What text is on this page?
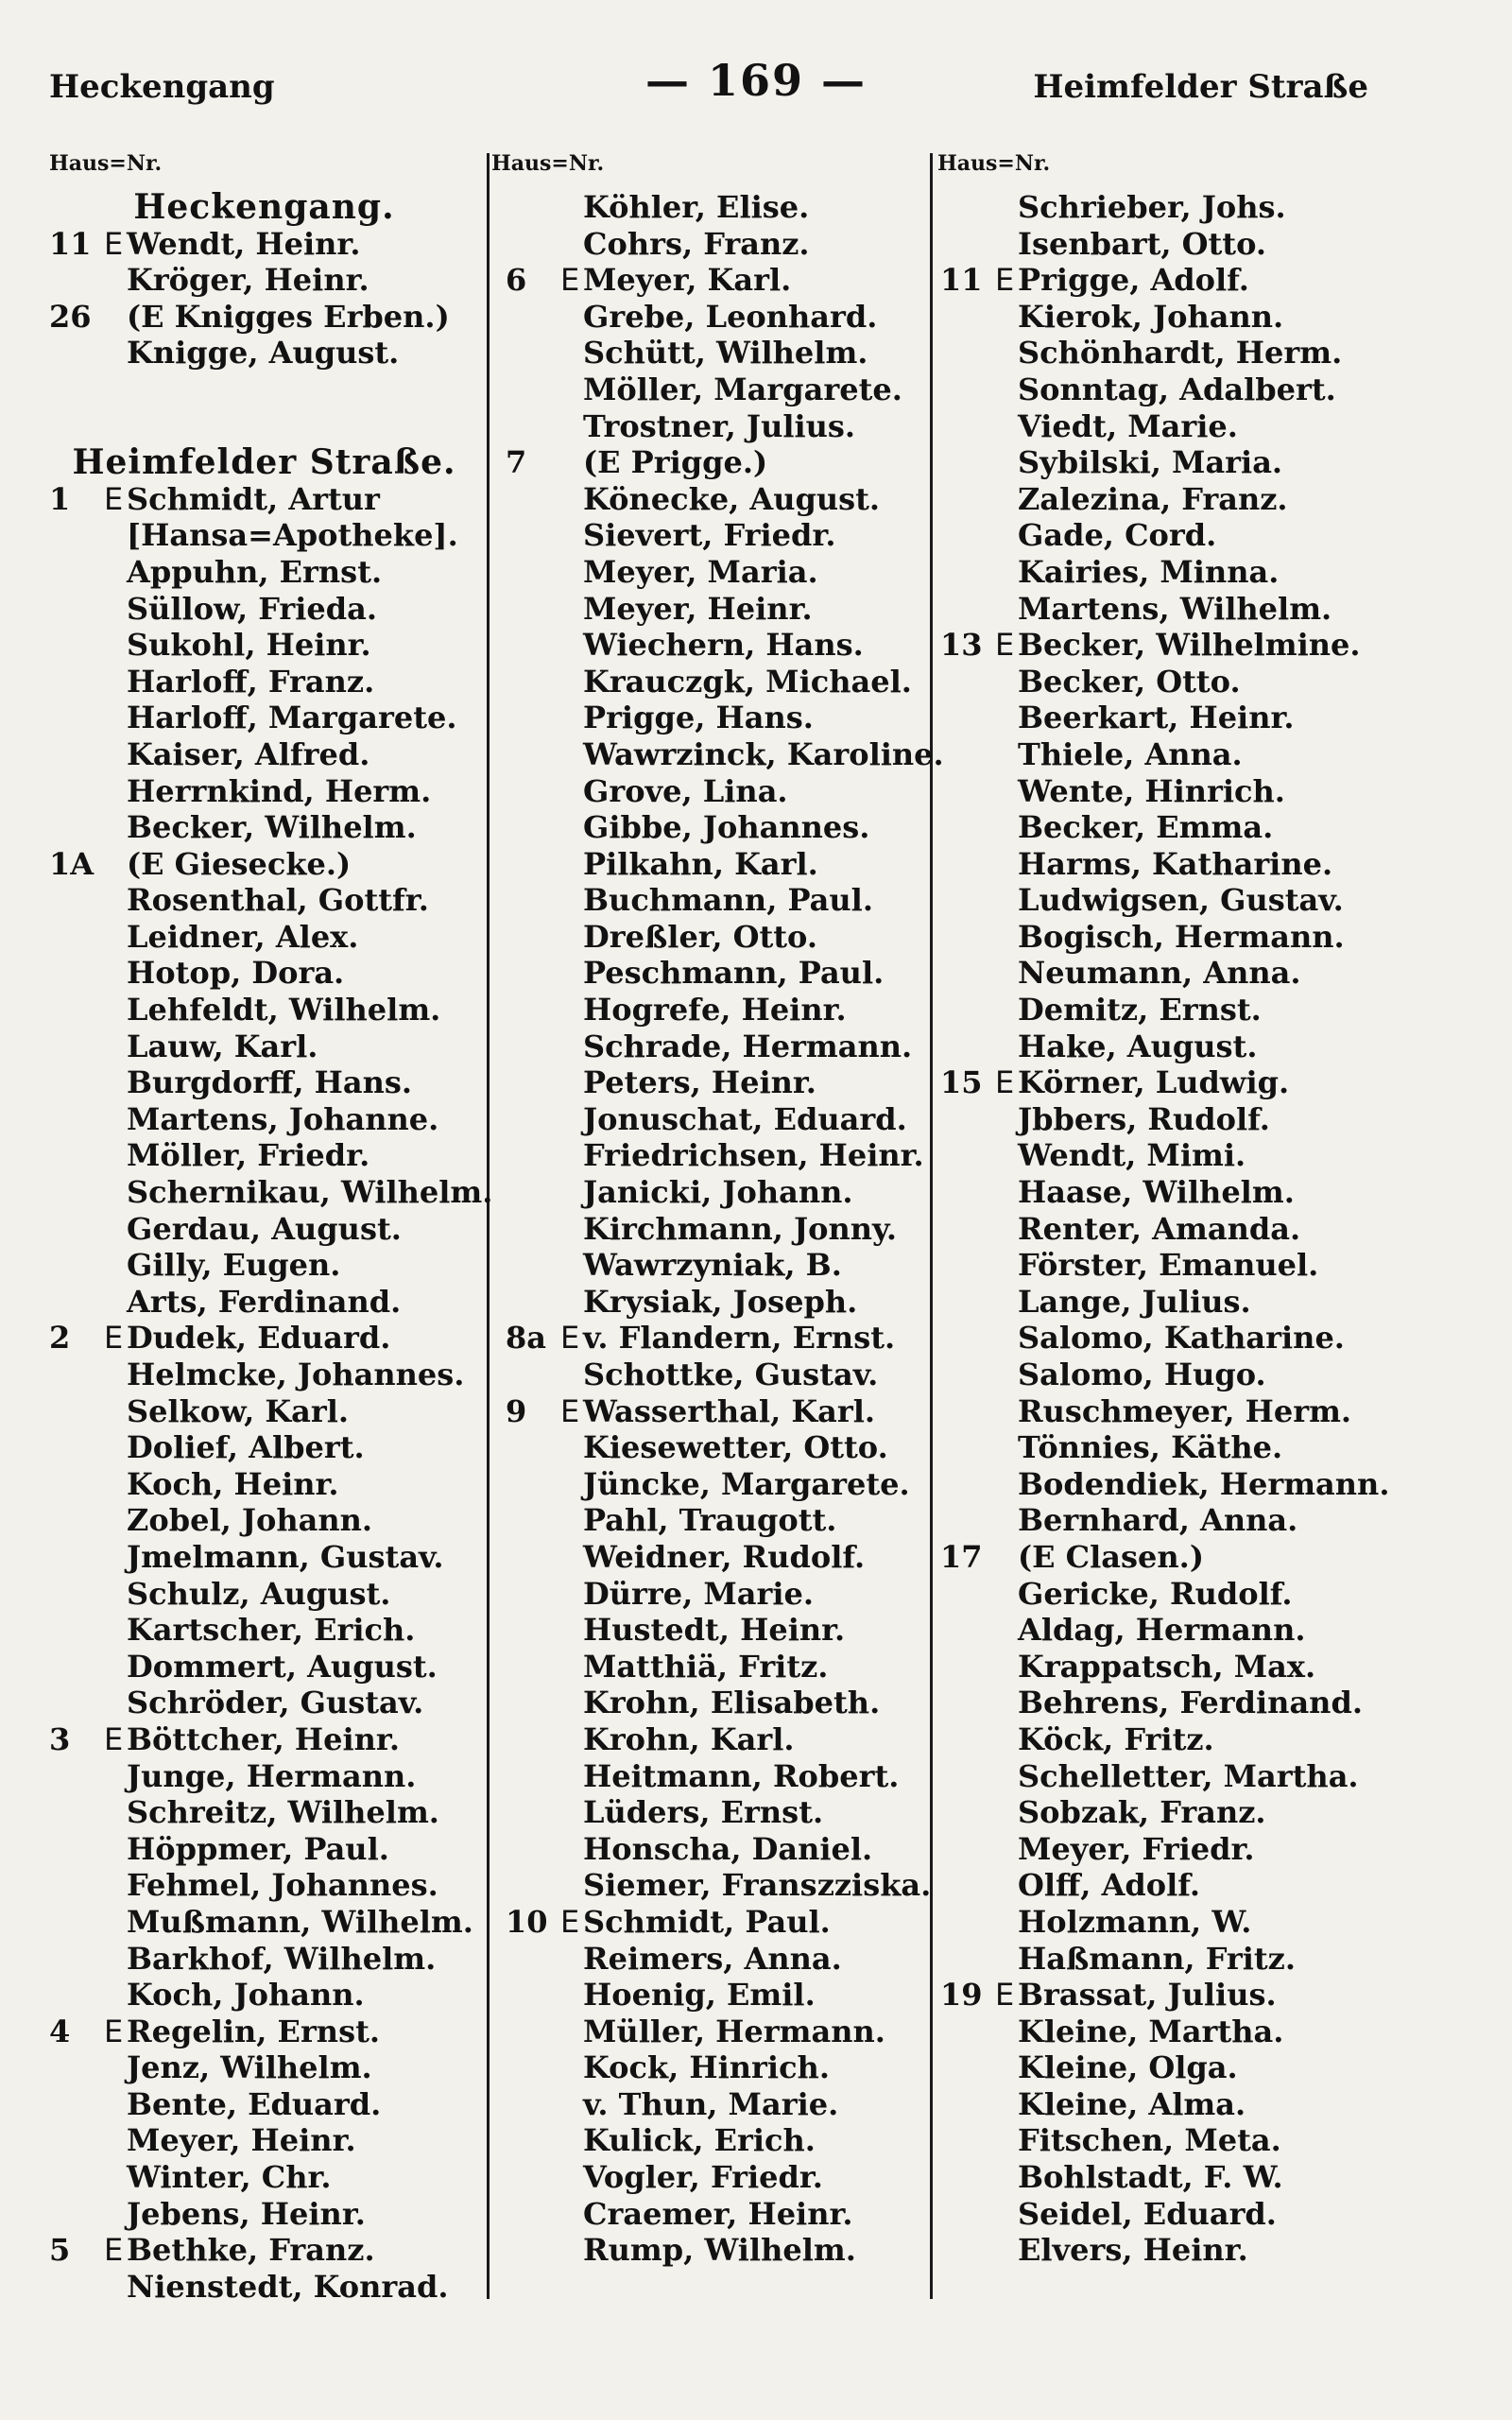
Heckengang	— 169 —	Heimfelder Straße
Haus=Nr.	Haus=Nr.	Haus=Nr.
Heckengang.
11 E Wendt, Heinr.
Kröger, Heinr.
26	(E Knigges Erben.)
Knigge, August.
Heimfelder Straße.
1	E Schmidt, Artur
[Hansa=Apotheke].
Appuhn, Ernst.
Süllow, Frieda.
Sukohl, Heinr.
Harloff, Franz.
Harloff, Margarete.
Kaiser, Alfred.
Herrnkind, Herm.
Becker, Wilhelm.
1A	(E Giesecke.)
Rosenthal, Gottfr.
Leidner, Alex.
Hotop, Dora.
Lehfeldt, Wilhelm.
Lauw, Karl.
Burgdorff, Hans.
Martens, Johanne.
Möller, Friedr.
Schernikau, Wilhelm.
Gerdau, August.
Gilly, Eugen.
Arts, Ferdinand.
2	E Dudek, Eduard.
Helmcke, Johannes.
Selkow, Karl.
Dolief, Albert.
Koch, Heinr.
Zobel, Johann.
Jmelmann, Gustav.
Schulz, August.
Kartscher, Erich.
Dommert, August.
Schröder, Gustav.
3	E Böttcher, Heinr.
Junge, Hermann.
Schreitz, Wilhelm.
Höppmer, Paul.
Fehmel, Johannes.
Mußmann, Wilhelm.
Barkhof, Wilhelm.
Koch, Johann.
4	E Regelin, Ernst.
Jenz, Wilhelm.
Bente, Eduard.
Meyer, Heinr.
Winter, Chr.
Jebens, Heinr.
5	E Bethke, Franz.
Nienstedt, Konrad.
Köhler, Elise.
Cohrs, Franz.
6	E Meyer, Karl.
Grebe, Leonhard.
Schütt, Wilhelm.
Möller, Margarete.
Trostner, Julius.
7	(E Prigge.)
Könecke, August.
Sievert, Friedr.
Meyer, Maria.
Meyer, Heinr.
Wiechern, Hans.
Krauczgk, Michael.
Prigge, Hans.
Wawrzinck, Karoline.
Grove, Lina.
Gibbe, Johannes.
Pilkahn, Karl.
Buchmann, Paul.
Dreßler, Otto.
Peschmann, Paul.
Hogrefe, Heinr.
Schrade, Hermann.
Peters, Heinr.
Jonuschat, Eduard.
Friedrichsen, Heinr.
Janicki, Johann.
Kirchmann, Jonny.
Wawrzyniak, B.
Krysiak, Joseph.
8a E v. Flandern, Ernst.
Schottke, Gustav.
9	E Wasserthal, Karl.
Kiesewetter, Otto.
Jüncke, Margarete.
Pahl, Traugott.
Weidner, Rudolf.
Dürre, Marie.
Hustedt, Heinr.
Matthiä, Fritz.
Krohn, Elisabeth.
Krohn, Karl.
Heitmann, Robert.
Lüders, Ernst.
Honscha, Daniel.
Siemer, Franszziska.
10 E Schmidt, Paul.
Reimers, Anna.
Hoenig, Emil.
Müller, Hermann.
Kock, Hinrich.
v. Thun, Marie.
Kulick, Erich.
Vogler, Friedr.
Craemer, Heinr.
Rump, Wilhelm.
Schrieber, Johs.
Isenbart, Otto.
11 E Prigge, Adolf.
Kierok, Johann.
Schönhardt, Herm.
Sonntag, Adalbert.
Viedt, Marie.
Sybilski, Maria.
Zalezina, Franz.
Gade, Cord.
Kairies, Minna.
Martens, Wilhelm.
13 E Becker, Wilhelmine.
Becker, Otto.
Beerkart, Heinr.
Thiele, Anna.
Wente, Hinrich.
Becker, Emma.
Harms, Katharine.
Ludwigsen, Gustav.
Bogisch, Hermann.
Neumann, Anna.
Demitz, Ernst.
Hake, August.
15 E Körner, Ludwig.
Jbbers, Rudolf.
Wendt, Mimi.
Haase, Wilhelm.
Renter, Amanda.
Förster, Emanuel.
Lange, Julius.
Salomo, Katharine.
Salomo, Hugo.
Ruschmeyer, Herm.
Tönnies, Käthe.
Bodendiek, Hermann.
Bernhard, Anna.
17	(E Clasen.)
Gericke, Rudolf.
Aldag, Hermann.
Krappatsch, Max.
Behrens, Ferdinand.
Köck, Fritz.
Schelletter, Martha.
Sobzak, Franz.
Meyer, Friedr.
Olff, Adolf.
Holzmann, W.
Haßmann, Fritz.
19 E Brassat, Julius.
Kleine, Martha.
Kleine, Olga.
Kleine, Alma.
Fitschen, Meta.
Bohlstadt, F. W.
Seidel, Eduard.
Elvers, Heinr.
